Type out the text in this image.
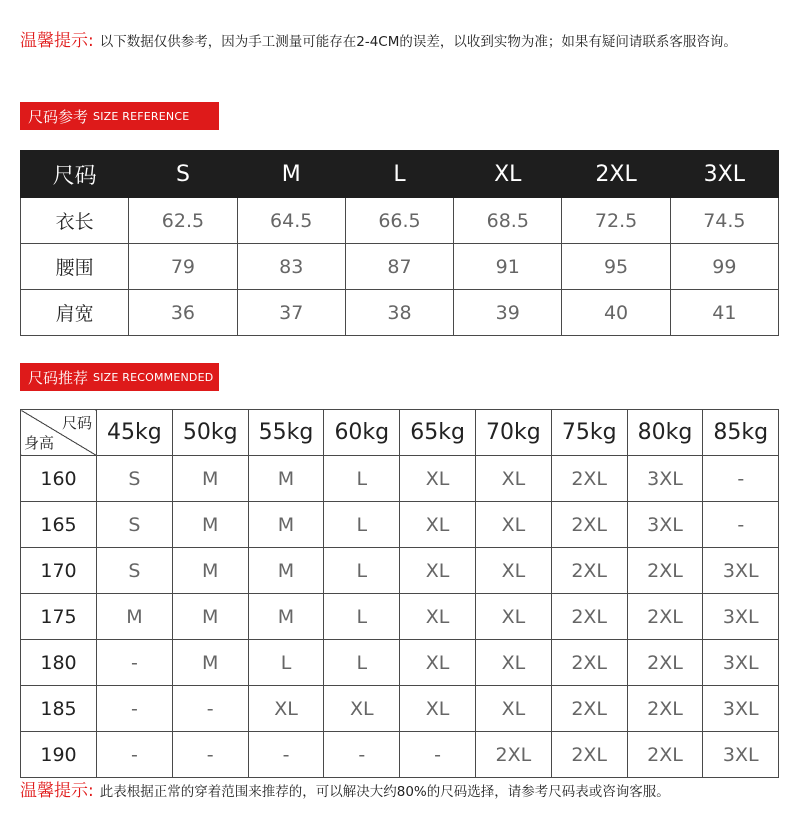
温馨提示: 以下数据仅供参考，因为手工测量可能存在2-4CM的误差，以收到实物为准；如果有疑问请联系客服咨询。
尺码参考 SIZE REFERENCE
尺码	S	M	L	XL	2XL	3XL
衣长	62.5	64.5	66.5	68.5	72.5	74.5
腰围	79	83	87	91	95	99
肩宽	36	37	38	39	40	41
尺码推荐 SIZE RECOMMENDED
尺码
身高	45kg	50kg	55kg	60kg	65kg	70kg	75kg	80kg	85kg
160	S	M	M	L	XL	XL	2XL	3XL	-
165	S	M	M	L	XL	XL	2XL	3XL	-
170	S	M	M	L	XL	XL	2XL	2XL	3XL
175	M	M	M	L	XL	XL	2XL	2XL	3XL
180	-	M	L	L	XL	XL	2XL	2XL	3XL
185	-	-	XL	XL	XL	XL	2XL	2XL	3XL
190	-	-	-	-	-	2XL	2XL	2XL	3XL
温馨提示: 此表根据正常的穿着范围来推荐的，可以解决大约80%的尺码选择，请参考尺码表或咨询客服。
